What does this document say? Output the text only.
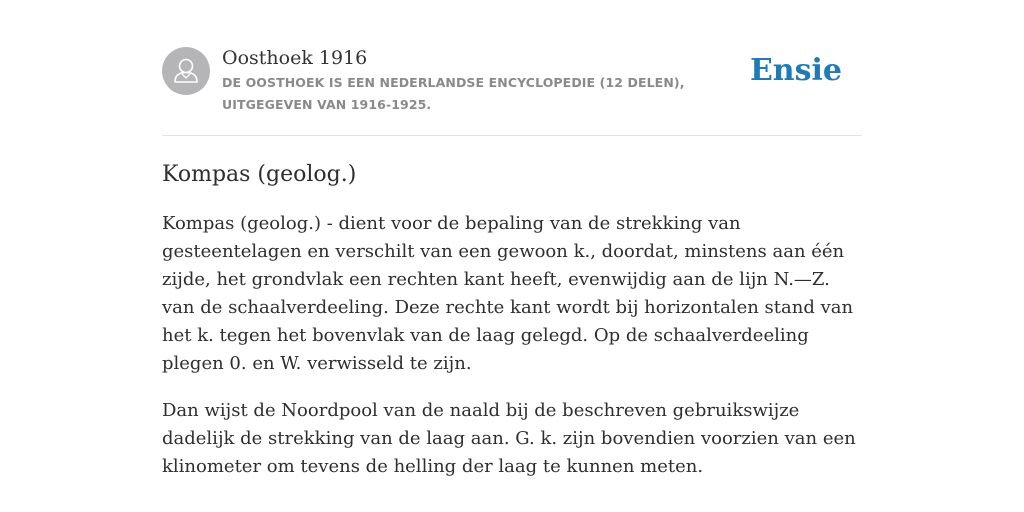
Oosthoek 1916
DE OOSTHOEK IS EEN NEDERLANDSE ENCYCLOPEDIE (12 DELEN), UITGEGEVEN VAN 1916-1925.
Ensie
Kompas (geolog.)

Kompas (geolog.) - dient voor de bepaling van de strekking van gesteentelagen en verschilt van een gewoon k., doordat, minstens aan één zijde, het grondvlak een rechten kant heeft, evenwijdig aan de lijn N.—Z. van de schaalverdeeling. Deze rechte kant wordt bij horizontalen stand van het k. tegen het bovenvlak van de laag gelegd. Op de schaalverdeeling plegen 0. en W. verwisseld te zijn.

Dan wijst de Noordpool van de naald bij de beschreven gebruikswijze dadelijk de strekking van de laag aan. G. k. zijn bovendien voorzien van een klinometer om tevens de helling der laag te kunnen meten.
